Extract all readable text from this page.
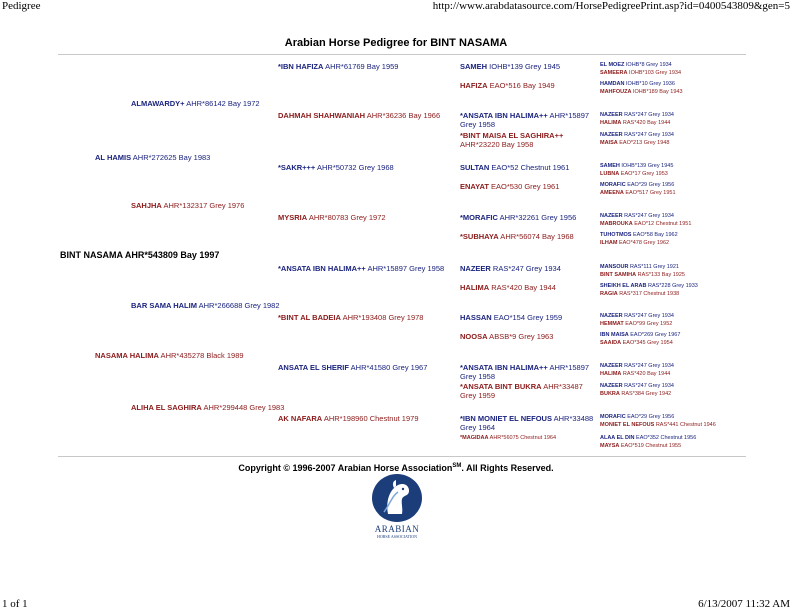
Pedigree	http://www.arabdatasource.com/HorsePedigreePrint.asp?id=0400543809&gen=5
Arabian Horse Pedigree for BINT NASAMA
AL HAMIS AHR*272625 Bay 1983
NASAMA HALIMA AHR*435278 Black 1989
ALMAWARDY+ AHR*86142 Bay 1972
SAHJHA AHR*132317 Grey 1976
BAR SAMA HALIM AHR*266688 Grey 1982
ALIHA EL SAGHIRA AHR*299448 Grey 1983
*IBN HAFIZA AHR*61769 Bay 1959
DAHMAH SHAHWANIAH AHR*36236 Bay 1966
*SAKR+++ AHR*50732 Grey 1968
MYSRIA AHR*80783 Grey 1972
*ANSATA IBN HALIMA++ AHR*15897 Grey 1958
*BINT AL BADEIA AHR*193408 Grey 1978
ANSATA EL SHERIF AHR*41580 Grey 1967
AK NAFARA AHR*198960 Chestnut 1979
SAMEH IOHB*139 Grey 1945
HAFIZA EAO*516 Bay 1949
*ANSATA IBN HALIMA++ AHR*15897 Grey 1958
*BINT MAISA EL SAGHIRA++ AHR*23220 Bay 1958
SULTAN EAO*52 Chestnut 1961
ENAYAT EAO*530 Grey 1961
*MORAFIC AHR*32261 Grey 1956
*SUBHAYA AHR*56074 Bay 1968
NAZEER RAS*247 Grey 1934
HALIMA RAS*420 Bay 1944
HASSAN EAO*154 Grey 1959
NOOSA ABSB*9 Grey 1963
*ANSATA IBN HALIMA++ AHR*15897 Grey 1958
*ANSATA BINT BUKRA AHR*33487 Grey 1959
*IBN MONIET EL NEFOUS AHR*33488 Grey 1964
*MAGIDAA AHR*56075 Chestnut 1964
EL MOEZ IOHB*8 Grey 1934
SAMEERA IOHB*103 Grey 1934
HAMDAN IOHB*10 Grey 1936
MAHFOUZA IOHB*189 Bay 1943
NAZEER RAS*247 Grey 1934
HALIMA RAS*420 Bay 1944
NAZEER RAS*247 Grey 1934
MAISA EAO*213 Grey 1948
SAMEH IOHB*139 Grey 1945
LUBNA EAO*17 Grey 1953
MORAFIC EAO*29 Grey 1956
AMEENA EAO*517 Grey 1951
NAZEER RAS*247 Grey 1934
MABROUKA EAO*12 Chestnut 1951
TUHOTMOS EAO*58 Bay 1962
ILHAM EAO*478 Grey 1962
MANSOUR RAS*111 Grey 1921
BINT SAMIHA RAS*133 Bay 1925
SHEIKH EL ARAB RAS*228 Grey 1933
RAGIA RAS*317 Chestnut 1938
NAZEER RAS*247 Grey 1934
HEMMAT EAO*99 Grey 1952
IBN MAISA EAO*269 Grey 1967
SAAIDA EAO*345 Grey 1954
NAZEER RAS*247 Grey 1934
HALIMA RAS*420 Bay 1944
NAZEER RAS*247 Grey 1934
BUKRA RAS*384 Grey 1942
MORAFIC EAO*29 Grey 1956
MONIET EL NEFOUS RAS*441 Chestnut 1946
ALAA EL DIN EAO*352 Chestnut 1956
MAYSA EAO*519 Chestnut 1955
BINT NASAMA AHR*543809 Bay 1997
Copyright © 1996-2007 Arabian Horse Association℠. All Rights Reserved.
ARABIAN
HORSE ASSOCIATION
1 of 1	6/13/2007 11:32 AM
